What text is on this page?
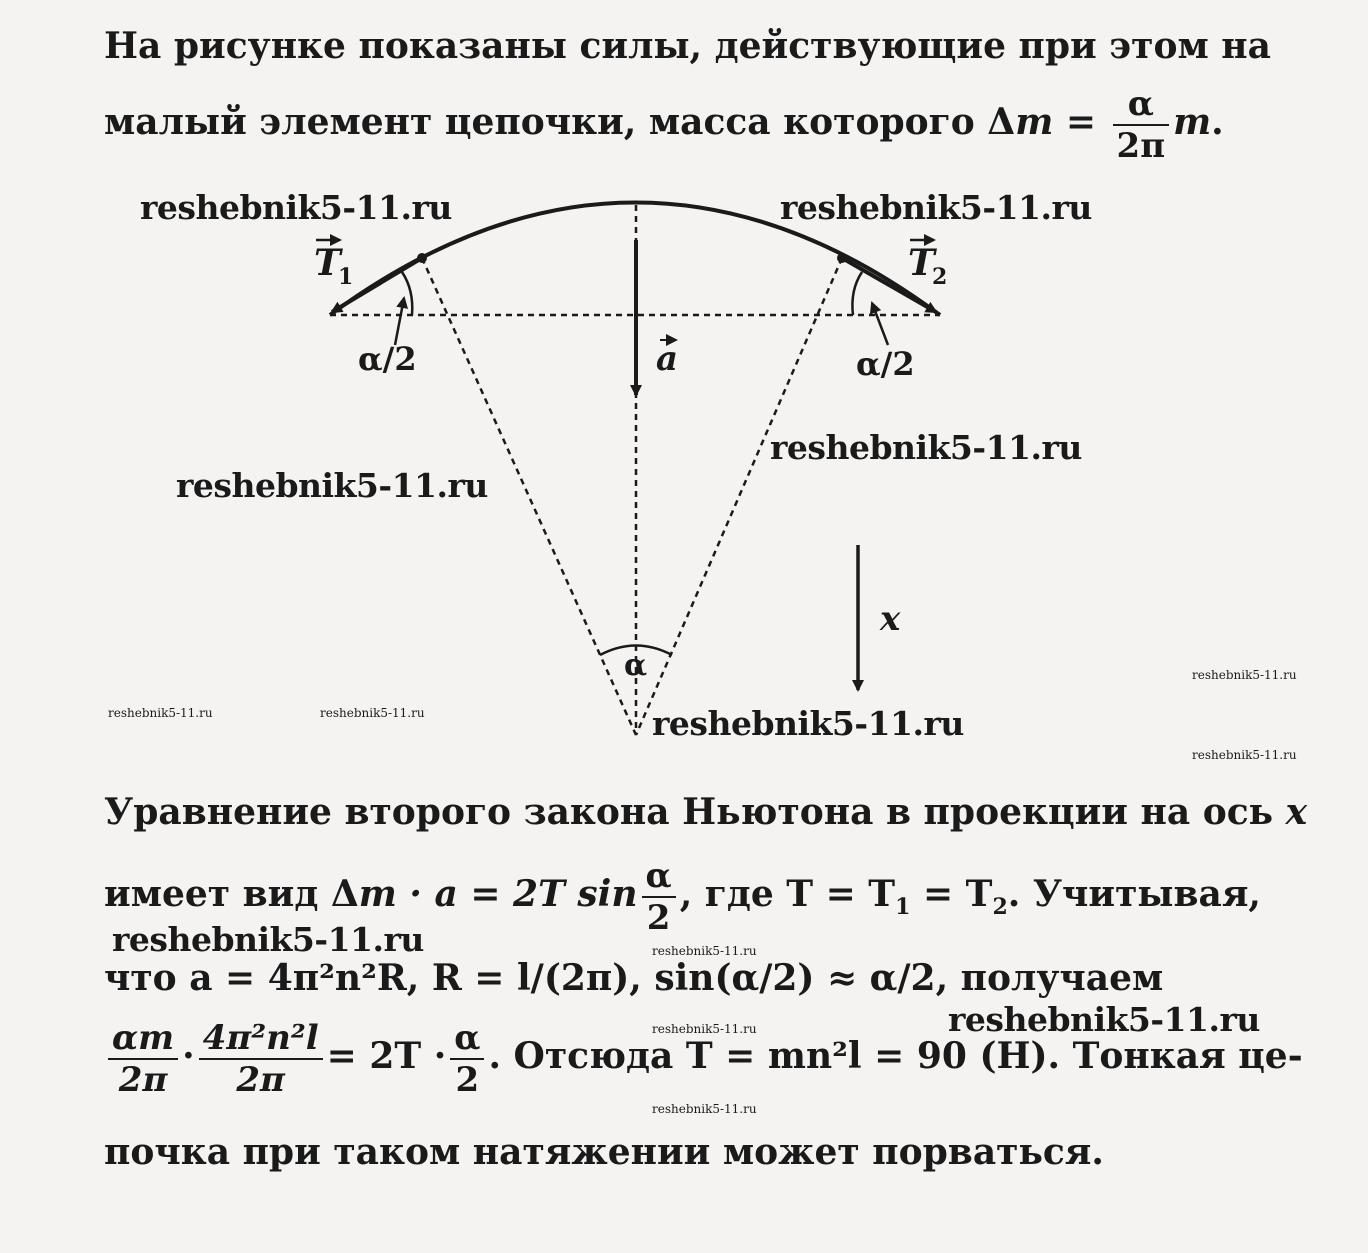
На рисунке показаны силы, действующие при этом на
малый элемент цепочки, масса которого $\Delta m = \frac{\alpha}{2\pi} m$.
T
1	T
2
α/2	α/2
a
x
α
reshebnik5-11.ru	reshebnik5-11.ru
reshebnik5-11.ru
reshebnik5-11.ru
reshebnik5-11.ru
reshebnik5-11.ru
reshebnik5-11.ru
reshebnik5-11.ru	reshebnik5-11.ru
reshebnik5-11.ru
reshebnik5-11.ru
reshebnik5-11.ru
reshebnik5-11.ru
reshebnik5-11.ru
Уравнение второго закона Ньютона в проекции на ось x
имеет вид Δm · a = 2T $\sin \frac{\alpha}{2}$ , где $T = T_1 = T_2$. Учитывая,
что a = 4π²n²R, R = l/(2π), sin(α/2) ≈ α/2, получаем
$\frac{\alpha m}{2\pi} \cdot \frac{\text{4π²n²l}}{2\pi} = 2T \cdot \frac{\alpha}{2}$ . Отсюда T = mn²l = 90 (Н). Тонкая це-
почка при таком натяжении может порваться.
